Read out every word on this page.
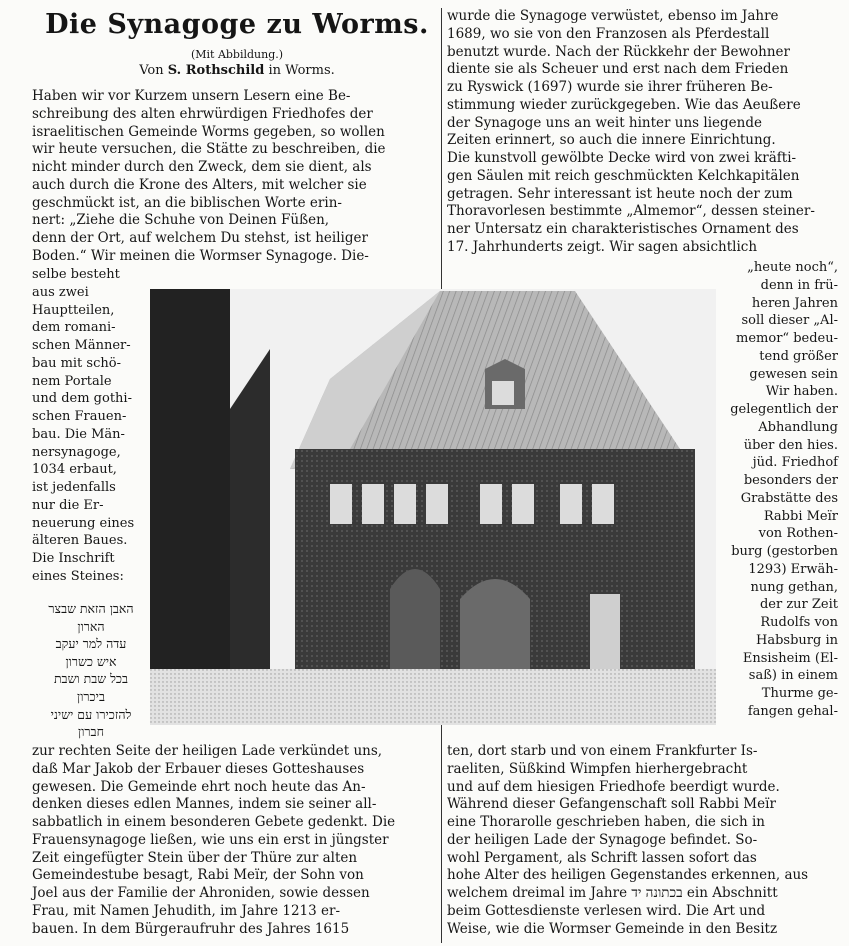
Die Synagoge zu Worms.
(Mit Abbildung.)
Von S. Rothschild in Worms.
Haben wir vor Kurzem unsern Lesern eine Be-
schreibung des alten ehrwürdigen Friedhofes der
israelitischen Gemeinde Worms gegeben, so wollen
wir heute versuchen, die Stätte zu beschreiben, die
nicht minder durch den Zweck, dem sie dient, als
auch durch die Krone des Alters, mit welcher sie
geschmückt ist, an die biblischen Worte erin-
nert: „Ziehe die Schuhe von Deinen Füßen,
denn der Ort, auf welchem Du stehst, ist heiliger
Boden.“ Wir meinen die Wormser Synagoge. Die-
selbe besteht
aus zwei
Hauptteilen,
dem romani-
schen Männer-
bau mit schö-
nem Portale
und dem gothi-
schen Frauen-
bau. Die Män-
nersynagoge,
1034 erbaut,
ist jedenfalls
nur die Er-
neuerung eines
älteren Baues.
Die Inschrift
eines Steines:
האבן הזאת שבצר
הארון
עדה למר יעקב
איש כשרון
בכל שבת ושבת
ביכרון
להזכירו עם ישיני
חברון
zur rechten Seite der heiligen Lade verkündet uns,
daß Mar Jakob der Erbauer dieses Gotteshauses
gewesen. Die Gemeinde ehrt noch heute das An-
denken dieses edlen Mannes, indem sie seiner all-
sabbatlich in einem besonderen Gebete gedenkt. Die
Frauensynagoge ließen, wie uns ein erst in jüngster
Zeit eingefügter Stein über der Thüre zur alten
Gemeindestube besagt, Rabi Meïr, der Sohn von
Joel aus der Familie der Ahroniden, sowie dessen
Frau, mit Namen Jehudith, im Jahre 1213 er-
bauen. In dem Bürgeraufruhr des Jahres 1615
wurde die Synagoge verwüstet, ebenso im Jahre
1689, wo sie von den Franzosen als Pferdestall
benutzt wurde. Nach der Rückkehr der Bewohner
diente sie als Scheuer und erst nach dem Frieden
zu Ryswick (1697) wurde sie ihrer früheren Be-
stimmung wieder zurückgegeben. Wie das Aeußere
der Synagoge uns an weit hinter uns liegende
Zeiten erinnert, so auch die innere Einrichtung.
Die kunstvoll gewölbte Decke wird von zwei kräfti-
gen Säulen mit reich geschmückten Kelchkapitälen
getragen. Sehr interessant ist heute noch der zum
Thoravorlesen bestimmte „Almemor“, dessen steiner-
ner Untersatz ein charakteristisches Ornament des
17. Jahrhunderts zeigt. Wir sagen absichtlich
„heute noch“,
denn in frü-
heren Jahren
soll dieser „Al-
memor“ bedeu-
tend größer
gewesen sein
Wir haben.
gelegentlich der
Abhandlung
über den hies.
jüd. Friedhof
besonders der
Grabstätte des
Rabbi Meïr
von Rothen-
burg (gestorben
1293) Erwäh-
nung gethan,
der zur Zeit
Rudolfs von
Habsburg in
Ensisheim (El-
saß) in einem
Thurme ge-
fangen gehal-
ten, dort starb und von einem Frankfurter Is-
raeliten, Süßkind Wimpfen hierhergebracht
und auf dem hiesigen Friedhofe beerdigt wurde.
Während dieser Gefangenschaft soll Rabbi Meïr
eine Thorarolle geschrieben haben, die sich in
der heiligen Lade der Synagoge befindet. So-
wohl Pergament, als Schrift lassen sofort das
hohe Alter des heiligen Gegenstandes erkennen, aus
welchem dreimal im Jahre בכתונה יד ein Abschnitt
beim Gottesdienste verlesen wird. Die Art und
Weise, wie die Wormser Gemeinde in den Besitz
